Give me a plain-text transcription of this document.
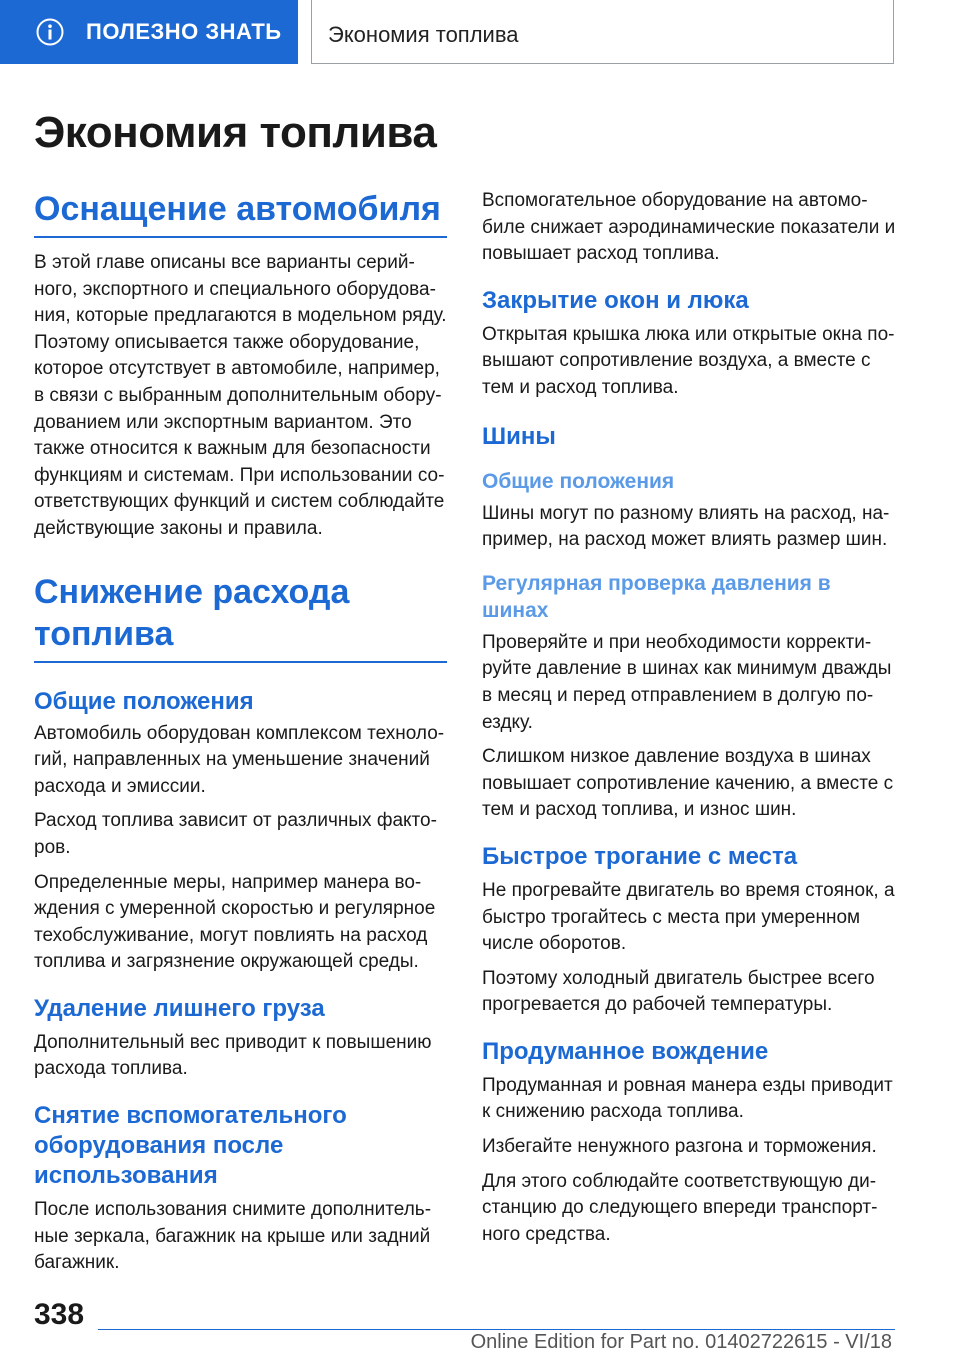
ПОЛЕЗНО ЗНАТЬ Экономия топлива
Экономия топлива
Оснащение автомобиля

В этой главе описаны все варианты серийного, экспортного и специального оборудования, которые предлагаются в модельном ряду. Поэтому описывается также оборудование, которое отсутствует в автомобиле, например, в связи с выбранным дополнительным оборудованием или экспортным вариантом. Это также относится к важным для безопасности функциям и системам. При использовании соответствующих функций и систем соблюдайте действующие законы и правила.

Снижение расхода топлива
Общие положения

Автомобиль оборудован комплексом технологий, направленных на уменьшение значений расхода и эмиссии.

Расход топлива зависит от различных факторов.

Определенные меры, например манера вождения с умеренной скоростью и регулярное техобслуживание, могут повлиять на расход топлива и загрязнение окружающей среды.

Удаление лишнего груза

Дополнительный вес приводит к повышению расхода топлива.

Снятие вспомогательного оборудования после использования

После использования снимите дополнительные зеркала, багажник на крыше или задний багажник.

Вспомогательное оборудование на автомобиле снижает аэродинамические показатели и повышает расход топлива.

Закрытие окон и люка

Открытая крышка люка или открытые окна повышают сопротивление воздуха, а вместе с тем и расход топлива.

Шины
Общие положения

Шины могут по разному влиять на расход, например, на расход может влиять размер шин.

Регулярная проверка давления в шинах

Проверяйте и при необходимости корректируйте давление в шинах как минимум дважды в месяц и перед отправлением в долгую поездку.

Слишком низкое давление воздуха в шинах повышает сопротивление качению, а вместе с тем и расход топлива, и износ шин.

Быстрое трогание с места

Не прогревайте двигатель во время стоянок, а быстро трогайтесь с места при умеренном числе оборотов.

Поэтому холодный двигатель быстрее всего прогревается до рабочей температуры.

Продуманное вождение

Продуманная и ровная манера езды приводит к снижению расхода топлива.

Избегайте ненужного разгона и торможения.

Для этого соблюдайте соответствующую дистанцию до следующего впереди транспортного средства.

338
Online Edition for Part no. 01402722615 - VI/18
